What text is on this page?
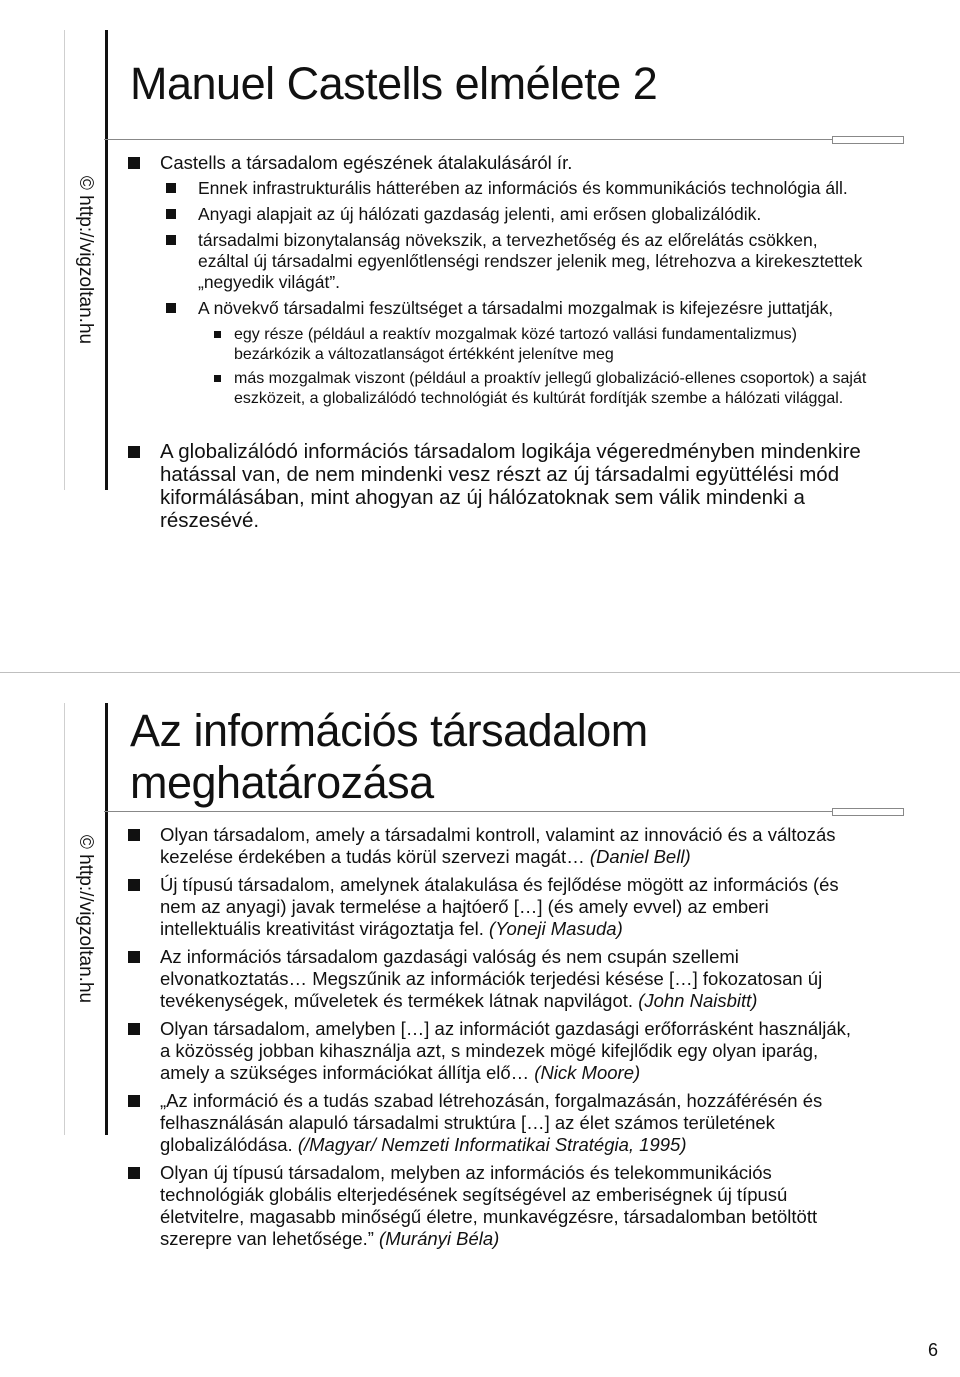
© http://vigzoltan.hu
Manuel Castells elmélete 2
Castells a társadalom egészének átalakulásáról ír.
Ennek infrastrukturális hátterében az információs és kommunikációs technológia áll.
Anyagi alapjait az új hálózati gazdaság jelenti, ami erősen globalizálódik.
társadalmi bizonytalanság növekszik, a tervezhetőség és az előrelátás csökken, ezáltal új társadalmi egyenlőtlenségi rendszer jelenik meg, létrehozva a kirekesztettek „negyedik világát”.
A növekvő társadalmi feszültséget a társadalmi mozgalmak is kifejezésre juttatják,
egy része (például a reaktív mozgalmak közé tartozó vallási fundamentalizmus) bezárkózik a változatlanságot értékként jelenítve meg
más mozgalmak viszont (például a proaktív jellegű globalizáció-ellenes csoportok) a saját eszközeit, a globalizálódó technológiát és kultúrát fordítják szembe a hálózati világgal.
A globalizálódó információs társadalom logikája végeredményben mindenkire hatással van, de nem mindenki vesz részt az új társadalmi együttélési mód kiformálásában, mint ahogyan az új hálózatoknak sem válik mindenki a részesévé.
© http://vigzoltan.hu
Az információs társadalom
meghatározása
Olyan társadalom, amely a társadalmi kontroll, valamint az innováció és a változás kezelése érdekében a tudás körül szervezi magát… (Daniel Bell)
Új típusú társadalom, amelynek átalakulása és fejlődése mögött az információs (és nem az anyagi) javak termelése a hajtóerő […] (és amely evvel) az emberi intellektuális kreativitást virágoztatja fel. (Yoneji Masuda)
Az információs társadalom gazdasági valóság és nem csupán szellemi elvonatkoztatás… Megszűnik az információk terjedési késése […] fokozatosan új tevékenységek, műveletek és termékek látnak napvilágot. (John Naisbitt)
Olyan társadalom, amelyben […] az információt gazdasági erőforrásként használják, a közösség jobban kihasználja azt, s mindezek mögé kifejlődik egy olyan iparág, amely a szükséges információkat állítja elő… (Nick Moore)
„Az információ és a tudás szabad létrehozásán, forgalmazásán, hozzáférésén és felhasználásán alapuló társadalmi struktúra […] az élet számos területének globalizálódása. (/Magyar/ Nemzeti Informatikai Stratégia, 1995)
Olyan új típusú társadalom, melyben az információs és telekommunikációs technológiák globális elterjedésének segítségével az emberiségnek új típusú életvitelre, magasabb minőségű életre, munkavégzésre, társadalomban betöltött szerepre van lehetősége.” (Murányi Béla)
6
